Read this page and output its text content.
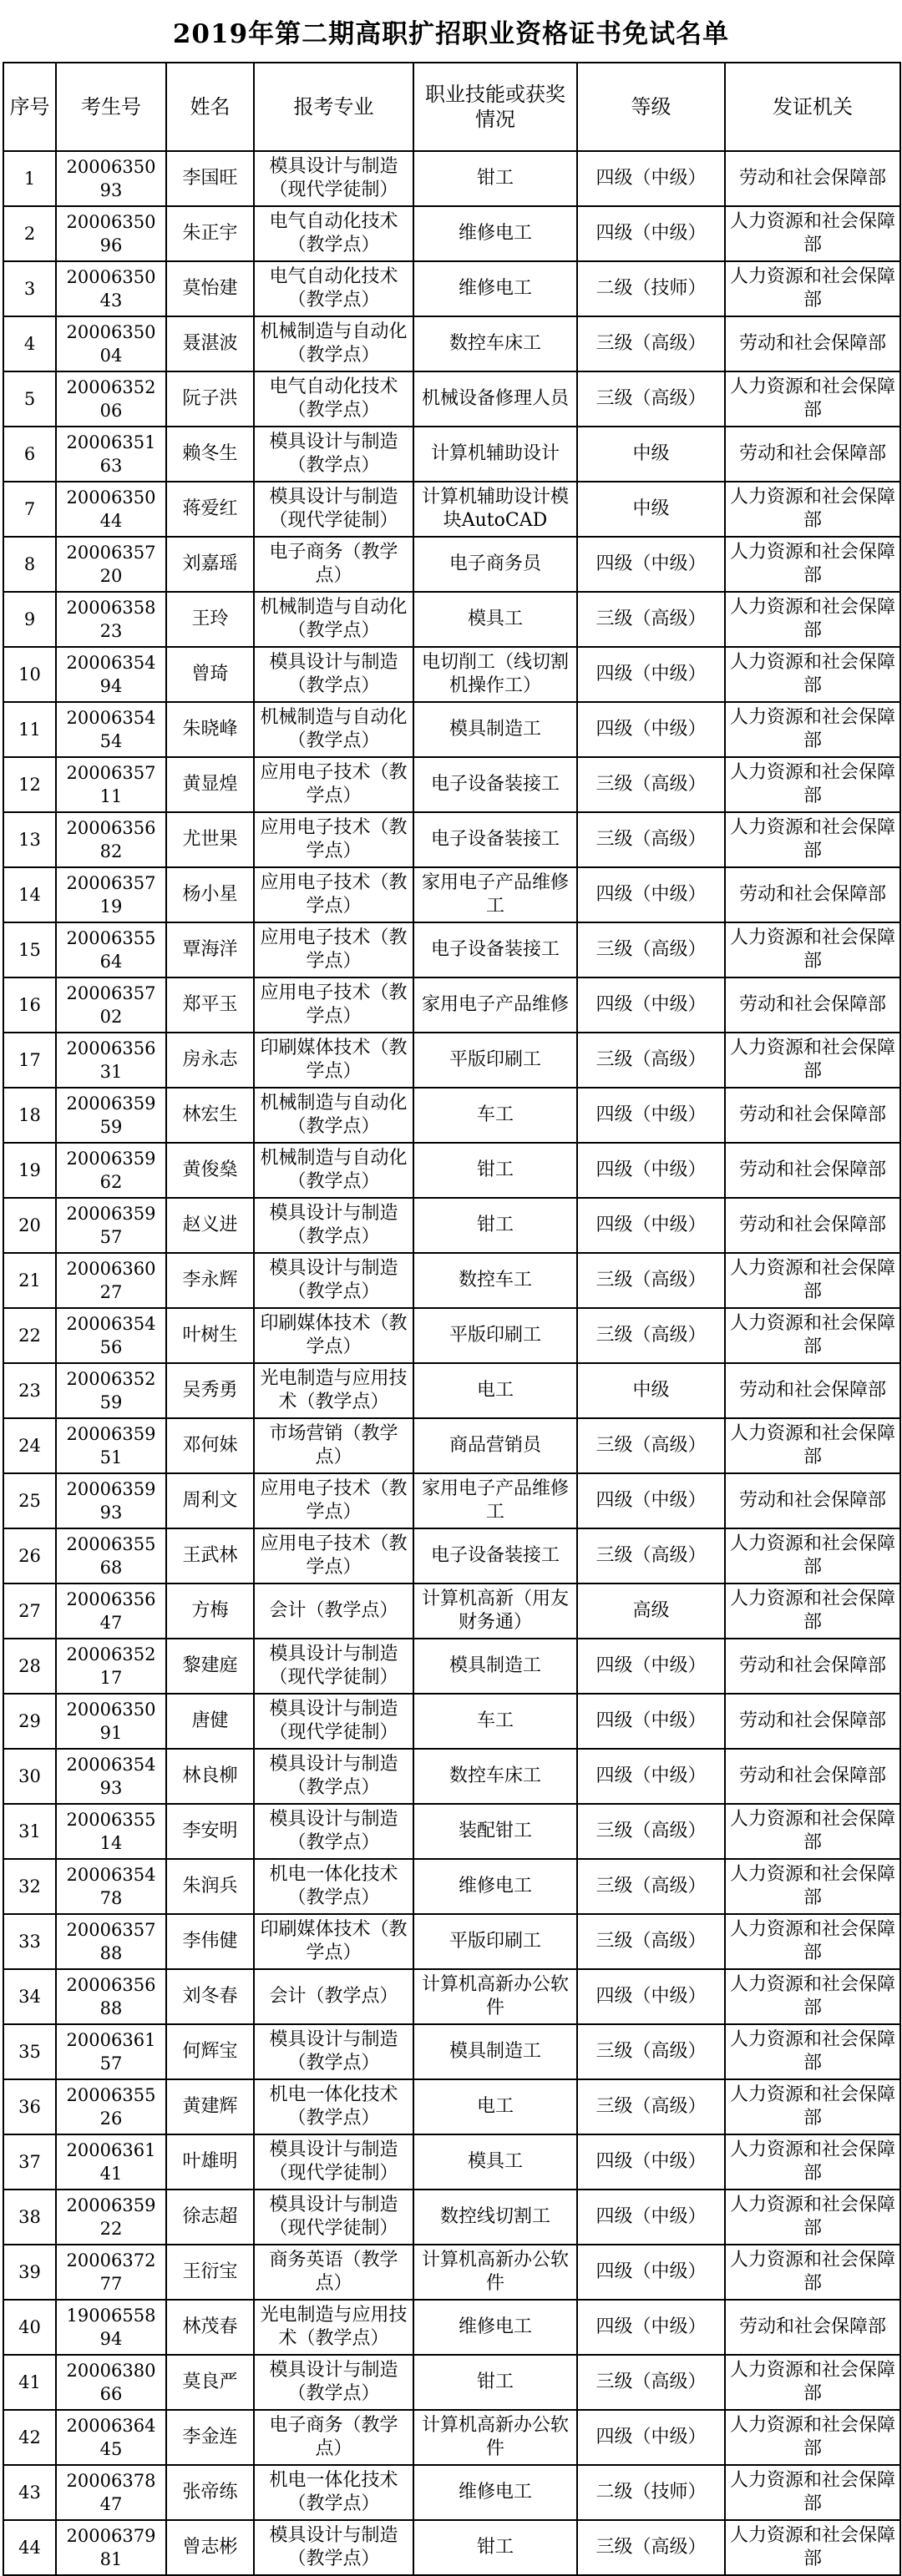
2019年第二期高职扩招职业资格证书免试名单
序号	考生号	姓名	报考专业	职业技能或获奖情况	等级	发证机关
1	2000635093	李国旺	模具设计与制造（现代学徒制）	钳工	四级（中级）	劳动和社会保障部
2	2000635096	朱正宇	电气自动化技术（教学点）	维修电工	四级（中级）	人力资源和社会保障部
3	2000635043	莫怡建	电气自动化技术（教学点）	维修电工	二级（技师）	人力资源和社会保障部
4	2000635004	聂湛波	机械制造与自动化（教学点）	数控车床工	三级（高级）	劳动和社会保障部
5	2000635206	阮子洪	电气自动化技术（教学点）	机械设备修理人员	三级（高级）	人力资源和社会保障部
6	2000635163	赖冬生	模具设计与制造（教学点）	计算机辅助设计	中级	劳动和社会保障部
7	2000635044	蒋爱红	模具设计与制造（现代学徒制）	计算机辅助设计模块AutoCAD	中级	人力资源和社会保障部
8	2000635720	刘嘉瑶	电子商务（教学点）	电子商务员	四级（中级）	人力资源和社会保障部
9	2000635823	王玲	机械制造与自动化（教学点）	模具工	三级（高级）	人力资源和社会保障部
10	2000635494	曾琦	模具设计与制造（教学点）	电切削工（线切割机操作工）	四级（中级）	人力资源和社会保障部
11	2000635454	朱晓峰	机械制造与自动化（教学点）	模具制造工	四级（中级）	人力资源和社会保障部
12	2000635711	黄显煌	应用电子技术（教学点）	电子设备装接工	三级（高级）	人力资源和社会保障部
13	2000635682	尤世果	应用电子技术（教学点）	电子设备装接工	三级（高级）	人力资源和社会保障部
14	2000635719	杨小星	应用电子技术（教学点）	家用电子产品维修工	四级（中级）	劳动和社会保障部
15	2000635564	覃海洋	应用电子技术（教学点）	电子设备装接工	三级（高级）	人力资源和社会保障部
16	2000635702	郑平玉	应用电子技术（教学点）	家用电子产品维修	四级（中级）	劳动和社会保障部
17	2000635631	房永志	印刷媒体技术（教学点）	平版印刷工	三级（高级）	人力资源和社会保障部
18	2000635959	林宏生	机械制造与自动化（教学点）	车工	四级（中级）	劳动和社会保障部
19	2000635962	黄俊燊	机械制造与自动化（教学点）	钳工	四级（中级）	劳动和社会保障部
20	2000635957	赵义进	模具设计与制造（教学点）	钳工	四级（中级）	劳动和社会保障部
21	2000636027	李永辉	模具设计与制造（教学点）	数控车工	三级（高级）	人力资源和社会保障部
22	2000635456	叶树生	印刷媒体技术（教学点）	平版印刷工	三级（高级）	人力资源和社会保障部
23	2000635259	吴秀勇	光电制造与应用技术（教学点）	电工	中级	劳动和社会保障部
24	2000635951	邓何妹	市场营销（教学点）	商品营销员	三级（高级）	人力资源和社会保障部
25	2000635993	周利文	应用电子技术（教学点）	家用电子产品维修工	四级（中级）	劳动和社会保障部
26	2000635568	王武林	应用电子技术（教学点）	电子设备装接工	三级（高级）	人力资源和社会保障部
27	2000635647	方梅	会计（教学点）	计算机高新（用友财务通）	高级	人力资源和社会保障部
28	2000635217	黎建庭	模具设计与制造（现代学徒制）	模具制造工	四级（中级）	劳动和社会保障部
29	2000635091	唐健	模具设计与制造（现代学徒制）	车工	四级（中级）	劳动和社会保障部
30	2000635493	林良柳	模具设计与制造（教学点）	数控车床工	四级（中级）	劳动和社会保障部
31	2000635514	李安明	模具设计与制造（教学点）	装配钳工	三级（高级）	人力资源和社会保障部
32	2000635478	朱润兵	机电一体化技术（教学点）	维修电工	三级（高级）	人力资源和社会保障部
33	2000635788	李伟健	印刷媒体技术（教学点）	平版印刷工	三级（高级）	人力资源和社会保障部
34	2000635688	刘冬春	会计（教学点）	计算机高新办公软件	四级（中级）	人力资源和社会保障部
35	2000636157	何辉宝	模具设计与制造（教学点）	模具制造工	三级（高级）	人力资源和社会保障部
36	2000635526	黄建辉	机电一体化技术（教学点）	电工	三级（高级）	人力资源和社会保障部
37	2000636141	叶雄明	模具设计与制造（现代学徒制）	模具工	四级（中级）	人力资源和社会保障部
38	2000635922	徐志超	模具设计与制造（现代学徒制）	数控线切割工	四级（中级）	人力资源和社会保障部
39	2000637277	王衍宝	商务英语（教学点）	计算机高新办公软件	四级（中级）	人力资源和社会保障部
40	1900655894	林茂春	光电制造与应用技术（教学点）	维修电工	四级（中级）	劳动和社会保障部
41	2000638066	莫良严	模具设计与制造（教学点）	钳工	三级（高级）	人力资源和社会保障部
42	2000636445	李金连	电子商务（教学点）	计算机高新办公软件	四级（中级）	人力资源和社会保障部
43	2000637847	张帝练	机电一体化技术（教学点）	维修电工	二级（技师）	人力资源和社会保障部
44	2000637981	曾志彬	模具设计与制造（教学点）	钳工	三级（高级）	人力资源和社会保障部
